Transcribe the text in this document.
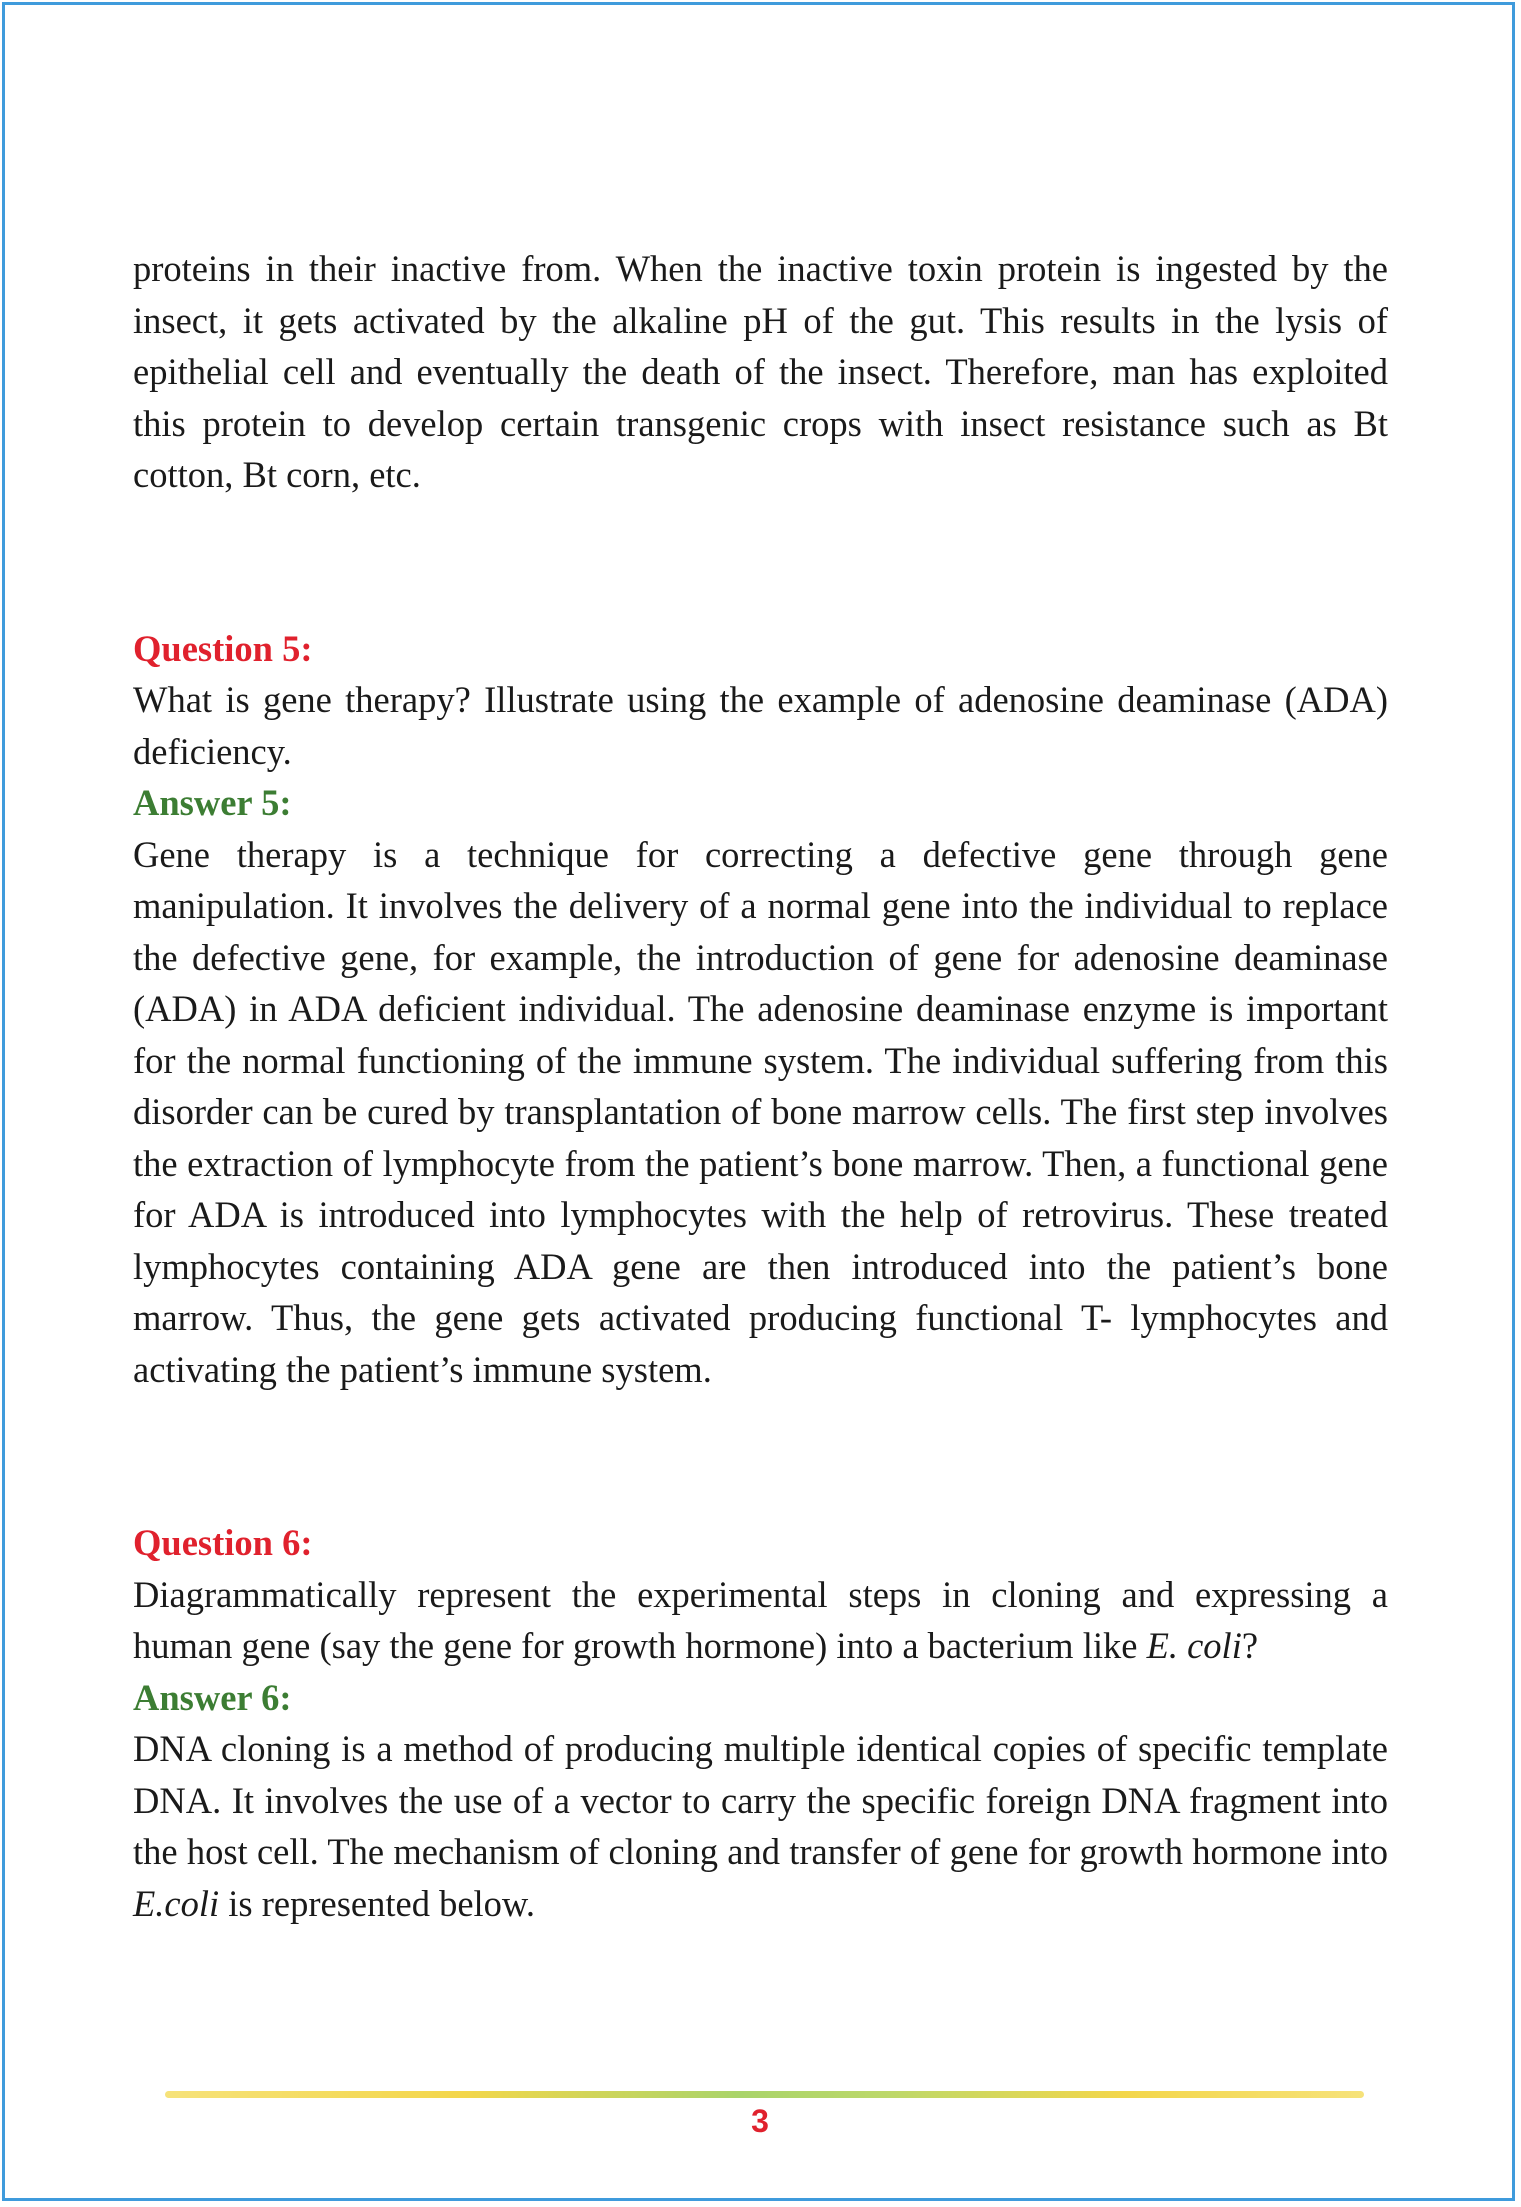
proteins in their inactive from. When the inactive toxin protein is ingested by the insect, it gets activated by the alkaline pH of the gut. This results in the lysis of epithelial cell and eventually the death of the insect. Therefore, man has exploited this protein to develop certain transgenic crops with insect resistance such as Bt cotton, Bt corn, etc.

Question 5:

What is gene therapy? Illustrate using the example of adenosine deaminase (ADA) deficiency.

Answer 5:

Gene therapy is a technique for correcting a defective gene through gene manipulation. It involves the delivery of a normal gene into the individual to replace the defective gene, for example, the introduction of gene for adenosine deaminase (ADA) in ADA deficient individual. The adenosine deaminase enzyme is important for the normal functioning of the immune system. The individual suffering from this disorder can be cured by transplantation of bone marrow cells. The first step involves the extraction of lymphocyte from the patient’s bone marrow. Then, a functional gene for ADA is introduced into lymphocytes with the help of retrovirus. These treated lymphocytes containing ADA gene are then introduced into the patient’s bone marrow. Thus, the gene gets activated producing functional T- lymphocytes and activating the patient’s immune system.

Question 6:

Diagrammatically represent the experimental steps in cloning and expressing a human gene (say the gene for growth hormone) into a bacterium like E. coli?

Answer 6:

DNA cloning is a method of producing multiple identical copies of specific template DNA. It involves the use of a vector to carry the specific foreign DNA fragment into the host cell. The mechanism of cloning and transfer of gene for growth hormone into E.coli is represented below.

3
